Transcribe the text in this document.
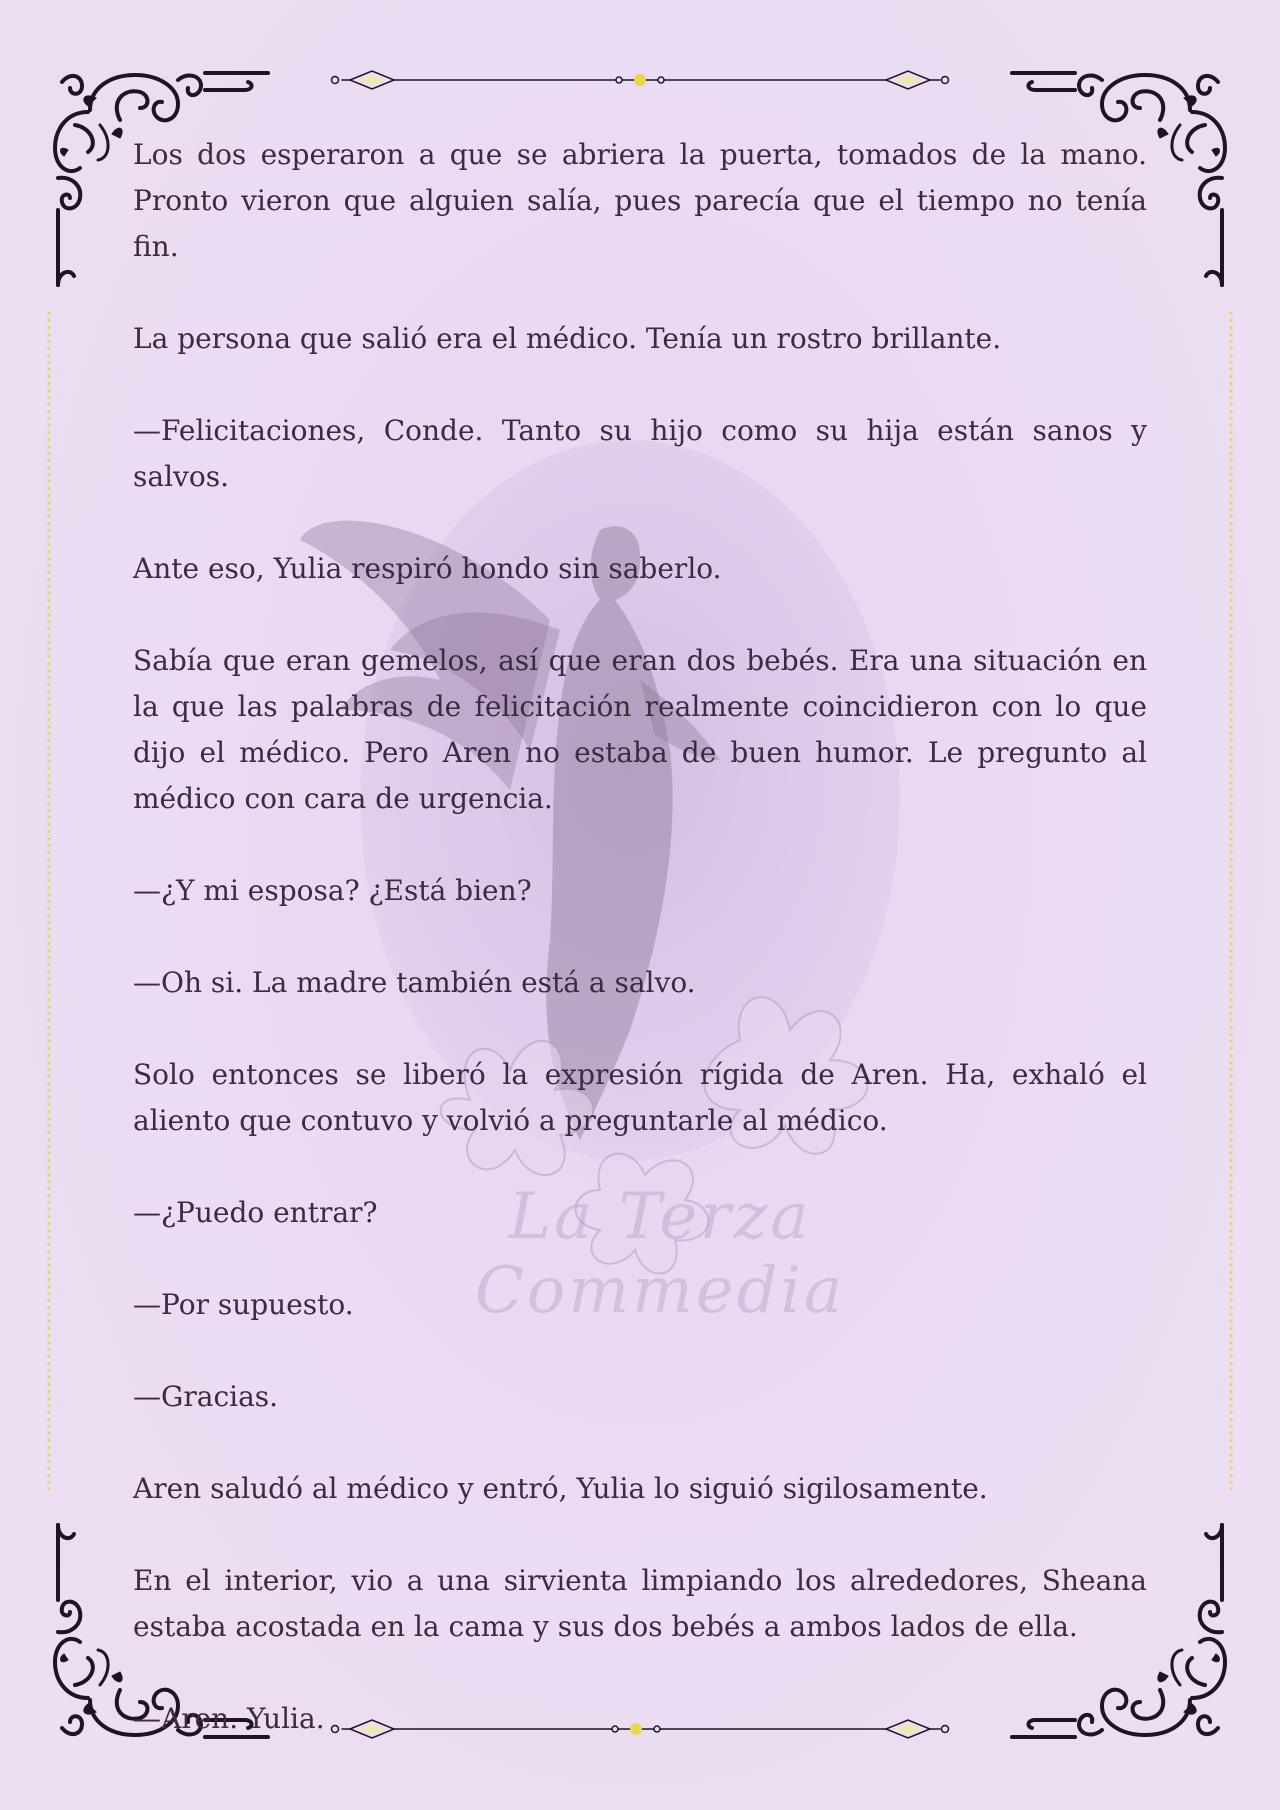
La Terza Commedia

Los dos esperaron a que se abriera la puerta, tomados de la mano. Pronto vieron que alguien salía, pues parecía que el tiempo no tenía fin.

La persona que salió era el médico. Tenía un rostro brillante.

—Felicitaciones, Conde. Tanto su hijo como su hija están sanos y salvos.

Ante eso, Yulia respiró hondo sin saberlo.

Sabía que eran gemelos, así que eran dos bebés. Era una situación en la que las palabras de felicitación realmente coincidieron con lo que dijo el médico. Pero Aren no estaba de buen humor. Le pregunto al médico con cara de urgencia.

—¿Y mi esposa? ¿Está bien?

—Oh si. La madre también está a salvo.

Solo entonces se liberó la expresión rígida de Aren. Ha, exhaló el aliento que contuvo y volvió a preguntarle al médico.

—¿Puedo entrar?

—Por supuesto.

—Gracias.

Aren saludó al médico y entró, Yulia lo siguió sigilosamente.

En el interior, vio a una sirvienta limpiando los alrededores, Sheana estaba acostada en la cama y sus dos bebés a ambos lados de ella.

—Aren. Yulia.
